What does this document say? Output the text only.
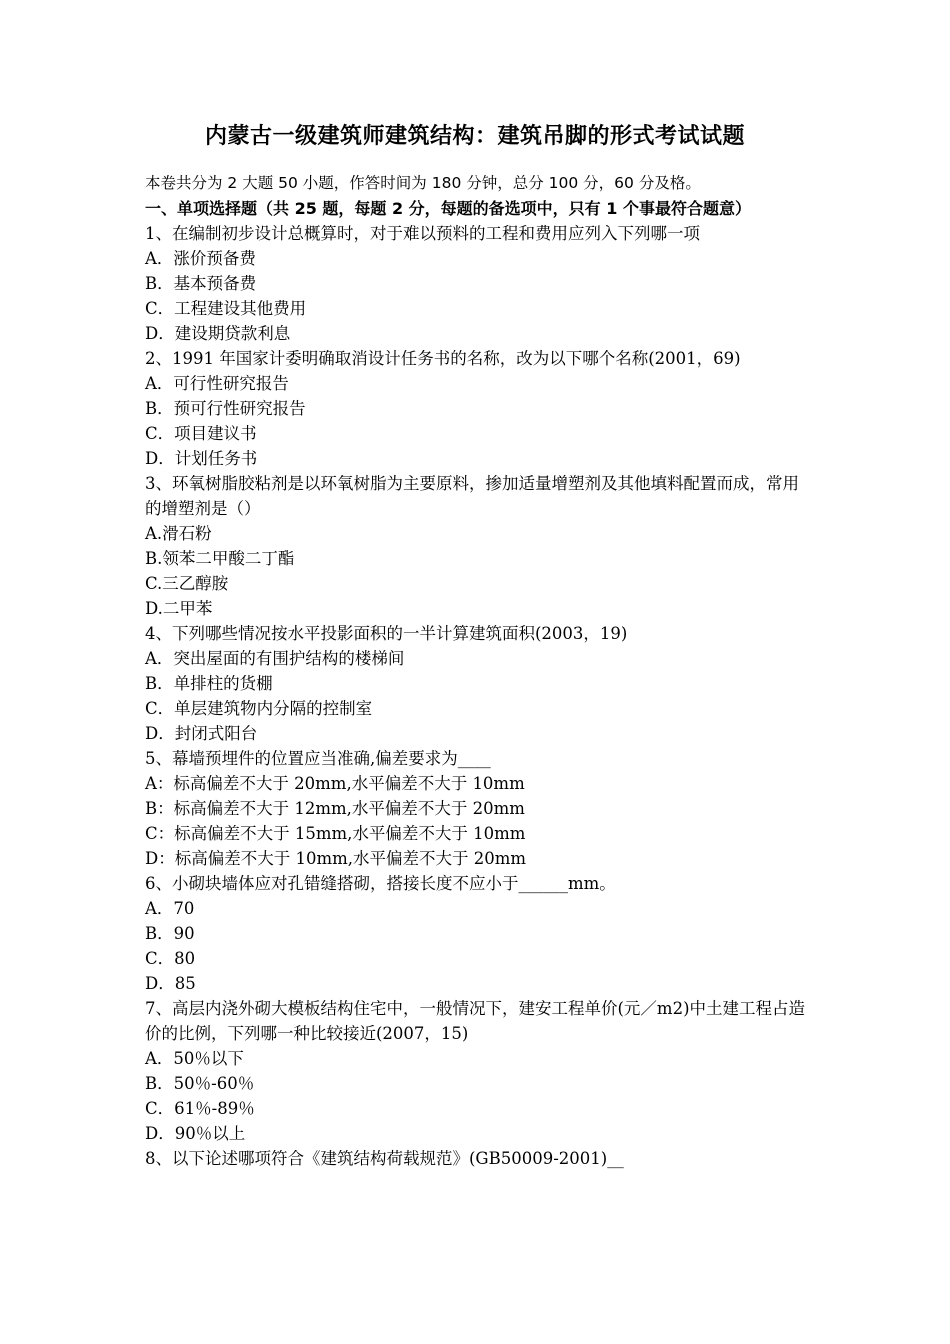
内蒙古一级建筑师建筑结构：建筑吊脚的形式考试试题
本卷共分为 2 大题 50 小题，作答时间为 180 分钟，总分 100 分，60 分及格。
一、单项选择题（共 25 题，每题 2 分，每题的备选项中，只有 1 个事最符合题意）
1、在编制初步设计总概算时，对于难以预料的工程和费用应列入下列哪一项
A．涨价预备费
B．基本预备费
C．工程建设其他费用
D．建设期贷款利息
2、1991 年国家计委明确取消设计任务书的名称，改为以下哪个名称(2001，69)
A．可行性研究报告
B．预可行性研究报告
C．项目建议书
D．计划任务书
3、环氧树脂胶粘剂是以环氧树脂为主要原料，掺加适量增塑剂及其他填料配置而成，常用的增塑剂是（）
A.滑石粉
B.领苯二甲酸二丁酯
C.三乙醇胺
D.二甲苯
4、下列哪些情况按水平投影面积的一半计算建筑面积(2003，19)
A．突出屋面的有围护结构的楼梯间
B．单排柱的货棚
C．单层建筑物内分隔的控制室
D．封闭式阳台
5、幕墙预埋件的位置应当准确,偏差要求为____
A：标高偏差不大于 20mm,水平偏差不大于 10mm
B：标高偏差不大于 12mm,水平偏差不大于 20mm
C：标高偏差不大于 15mm,水平偏差不大于 10mm
D：标高偏差不大于 10mm,水平偏差不大于 20mm
6、小砌块墙体应对孔错缝搭砌，搭接长度不应小于______mm。
A．70
B．90
C．80
D．85
7、高层内浇外砌大模板结构住宅中，一般情况下，建安工程单价(元／m2)中土建工程占造价的比例，下列哪一种比较接近(2007，15)
A．50％以下
B．50％-60％
C．61％-89％
D．90％以上
8、以下论述哪项符合《建筑结构荷载规范》(GB50009-2001)__
